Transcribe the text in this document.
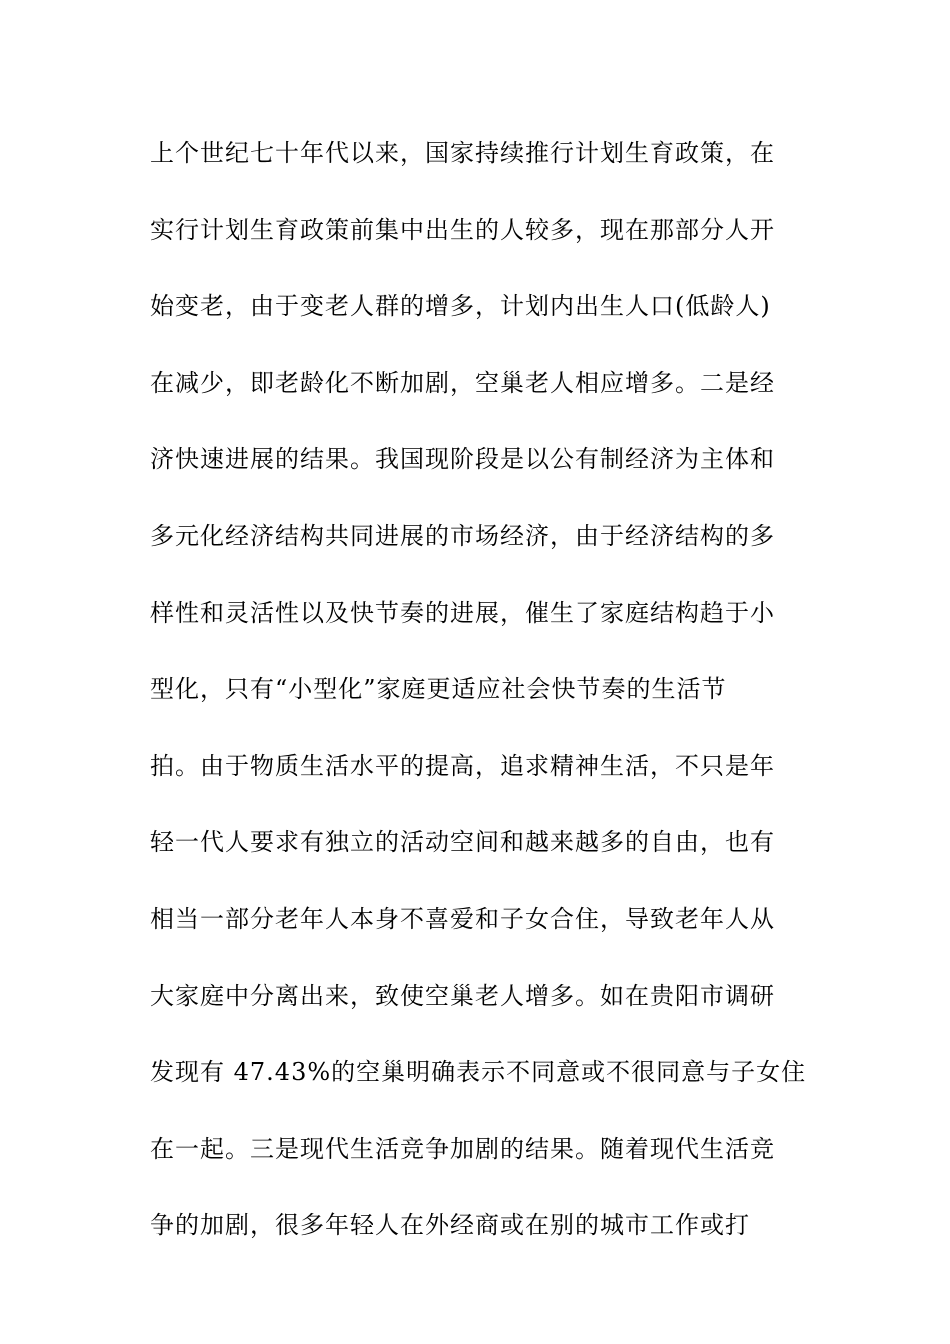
上个世纪七十年代以来，国家持续推行计划生育政策，在
实行计划生育政策前集中出生的人较多，现在那部分人开
始变老，由于变老人群的增多，计划内出生人口(低龄人)
在减少，即老龄化不断加剧，空巢老人相应增多。二是经
济快速进展的结果。我国现阶段是以公有制经济为主体和
多元化经济结构共同进展的市场经济，由于经济结构的多
样性和灵活性以及快节奏的进展，催生了家庭结构趋于小
型化，只有“小型化”家庭更适应社会快节奏的生活节
拍。由于物质生活水平的提高，追求精神生活，不只是年
轻一代人要求有独立的活动空间和越来越多的自由，也有
相当一部分老年人本身不喜爱和子女合住，导致老年人从
大家庭中分离出来，致使空巢老人增多。如在贵阳市调研
发现有 47.43%的空巢明确表示不同意或不很同意与子女住
在一起。三是现代生活竞争加剧的结果。随着现代生活竞
争的加剧，很多年轻人在外经商或在别的城市工作或打
